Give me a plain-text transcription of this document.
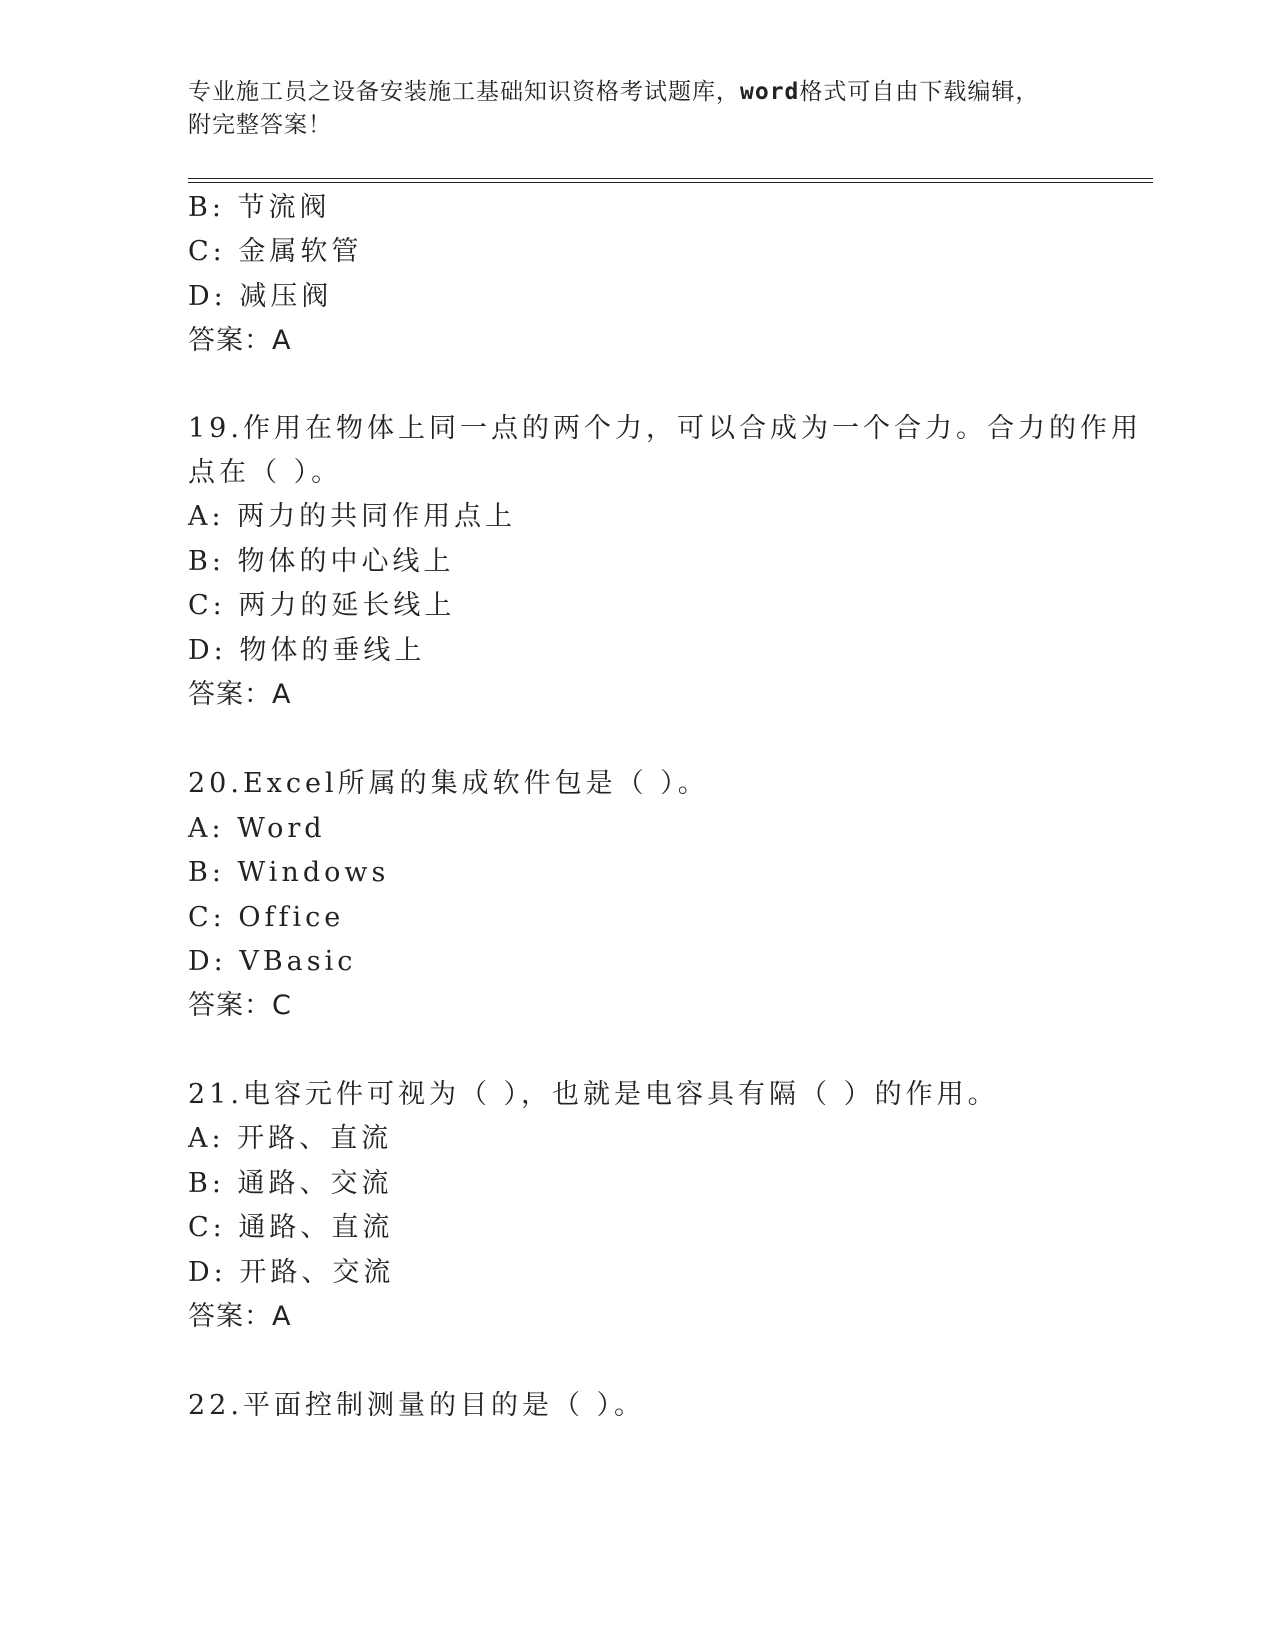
专业施工员之设备安装施工基础知识资格考试题库，word格式可自由下载编辑，
附完整答案！
B: 节流阀
C: 金属软管
D: 减压阀
答案：A
19.作用在物体上同一点的两个力，可以合成为一个合力。合力的作用
点在（ ）。
A: 两力的共同作用点上
B: 物体的中心线上
C: 两力的延长线上
D: 物体的垂线上
答案：A
20.Excel所属的集成软件包是（ ）。
A: Word
B: Windows
C: Office
D: VBasic
答案：C
21.电容元件可视为（ ），也就是电容具有隔（ ）的作用。
A: 开路、直流
B: 通路、交流
C: 通路、直流
D: 开路、交流
答案：A
22.平面控制测量的目的是（ ）。
